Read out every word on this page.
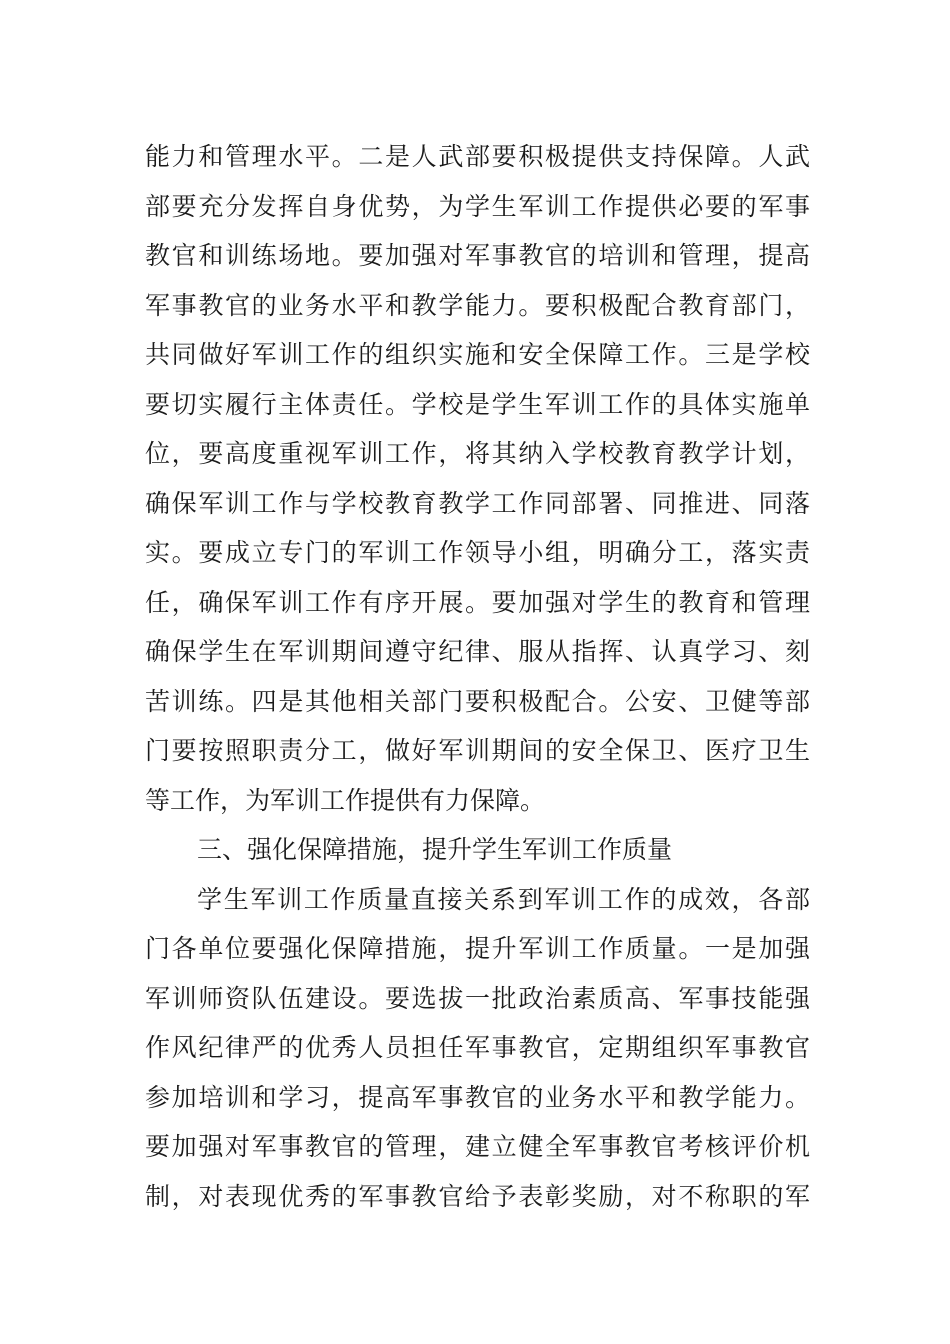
能力和管理水平。二是人武部要积极提供支持保障。人武
部要充分发挥自身优势，为学生军训工作提供必要的军事
教官和训练场地。要加强对军事教官的培训和管理，提高
军事教官的业务水平和教学能力。要积极配合教育部门，
共同做好军训工作的组织实施和安全保障工作。三是学校
要切实履行主体责任。学校是学生军训工作的具体实施单
位，要高度重视军训工作，将其纳入学校教育教学计划，
确保军训工作与学校教育教学工作同部署、同推进、同落
实。要成立专门的军训工作领导小组，明确分工，落实责
任，确保军训工作有序开展。要加强对学生的教育和管理
确保学生在军训期间遵守纪律、服从指挥、认真学习、刻
苦训练。四是其他相关部门要积极配合。公安、卫健等部
门要按照职责分工，做好军训期间的安全保卫、医疗卫生
等工作，为军训工作提供有力保障。
三、强化保障措施，提升学生军训工作质量
学生军训工作质量直接关系到军训工作的成效，各部
门各单位要强化保障措施，提升军训工作质量。一是加强
军训师资队伍建设。要选拔一批政治素质高、军事技能强
作风纪律严的优秀人员担任军事教官，定期组织军事教官
参加培训和学习，提高军事教官的业务水平和教学能力。
要加强对军事教官的管理，建立健全军事教官考核评价机
制，对表现优秀的军事教官给予表彰奖励，对不称职的军
